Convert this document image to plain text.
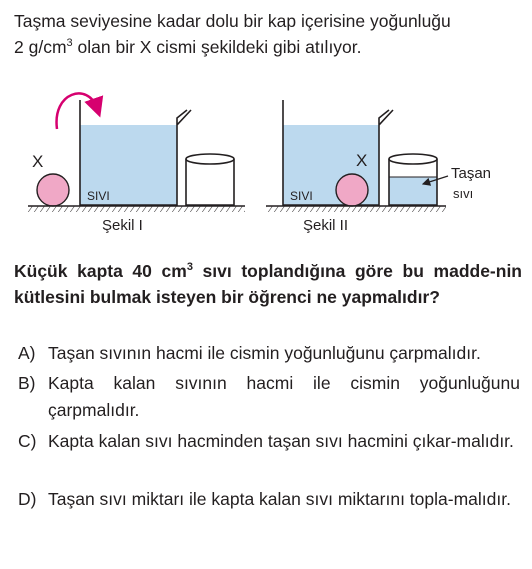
Taşma seviyesine kadar dolu bir kap içerisine yoğunluğu
2 $g/cm^3$ olan bir X cismi şekildeki gibi atılıyor.
X
SIVI
Şekil I
X
SIVI
Taşan
sıvı
Şekil II
Küçük kapta 40 $cm^3$ sıvı toplandığına göre bu madde-nin kütlesini bulmak isteyen bir öğrenci ne yapmalıdır?
A) Taşan sıvının hacmi ile cismin yoğunluğunu çarpmalıdır.
B) Kapta kalan sıvının hacmi ile cismin yoğunluğunu çarpmalıdır.
C) Kapta kalan sıvı hacminden taşan sıvı hacmini çıkar-malıdır.
D) Taşan sıvı miktarı ile kapta kalan sıvı miktarını topla-malıdır.
